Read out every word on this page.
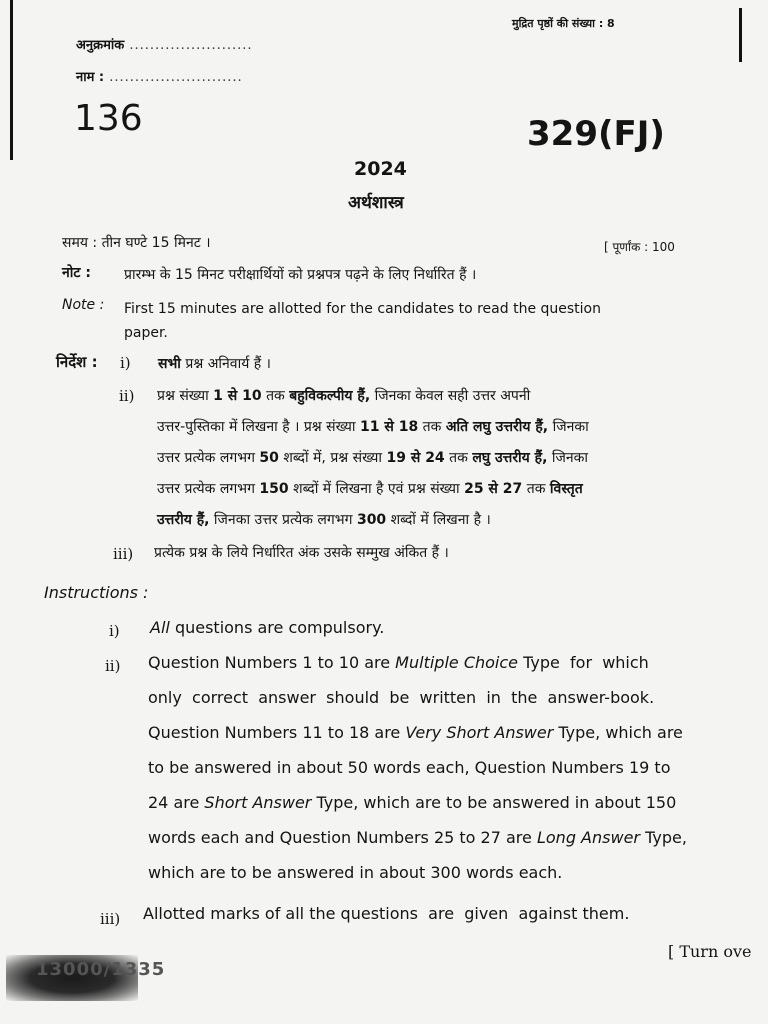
मुद्रित पृष्ठों की संख्या : 8
अनुक्रमांक ........................
नाम : ..........................
136	329(FJ)
2024
अर्थशास्त्र
समय : तीन घण्टे 15 मिनट ।	[ पूर्णांक : 100
नोट : प्रारम्भ के 15 मिनट परीक्षार्थियों को प्रश्नपत्र पढ़ने के लिए निर्धारित हैं ।
Note : First 15 minutes are allotted for the candidates to read the question
paper.
निर्देश : i) सभी प्रश्न अनिवार्य हैं ।
ii) प्रश्न संख्या 1 से 10 तक बहुविकल्पीय हैं, जिनका केवल सही उत्तर अपनी
उत्तर-पुस्तिका में लिखना है । प्रश्न संख्या 11 से 18 तक अति लघु उत्तरीय हैं, जिनका
उत्तर प्रत्येक लगभग 50 शब्दों में, प्रश्न संख्या 19 से 24 तक लघु उत्तरीय हैं, जिनका
उत्तर प्रत्येक लगभग 150 शब्दों में लिखना है एवं प्रश्न संख्या 25 से 27 तक विस्तृत
उत्तरीय हैं, जिनका उत्तर प्रत्येक लगभग 300 शब्दों में लिखना है ।
iii) प्रत्येक प्रश्न के लिये निर्धारित अंक उसके सम्मुख अंकित हैं ।
Instructions :
i) All questions are compulsory.
ii) Question Numbers 1 to 10 are Multiple Choice Type  for  which
only  correct  answer  should  be  written  in  the  answer-book.
Question Numbers 11 to 18 are Very Short Answer Type, which are
to be answered in about 50 words each, Question Numbers 19 to
24 are Short Answer Type, which are to be answered in about 150
words each and Question Numbers 25 to 27 are Long Answer Type,
which are to be answered in about 300 words each.
iii) Allotted marks of all the questions  are  given  against them.
[ Turn ove
13000/1335
